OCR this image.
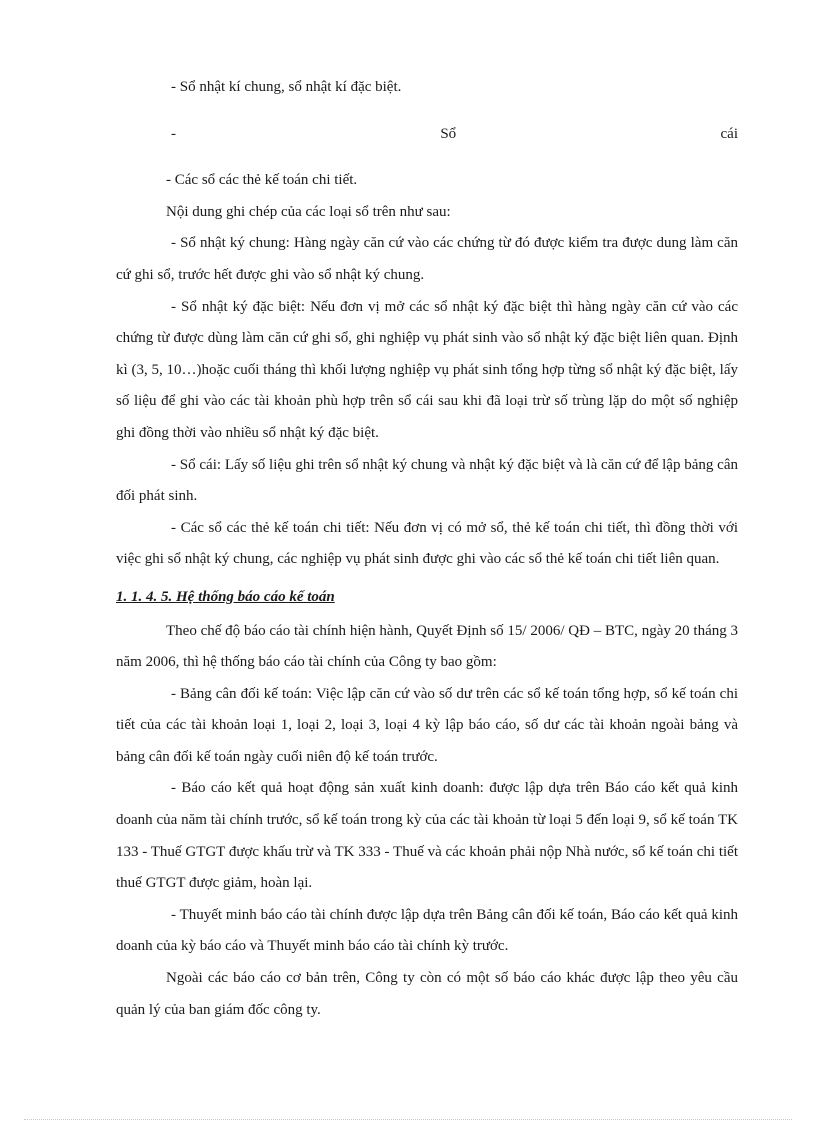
- Sổ nhật kí chung, sổ nhật kí đặc biệt.

-	Sổ	cái

- Các sổ các thẻ kế toán chi tiết.

Nội dung ghi chép của các loại sổ trên như sau:

- Sổ nhật ký chung: Hàng ngày căn cứ vào các chứng từ đó được kiểm tra được dung làm căn cứ ghi sổ, trước hết được ghi vào sổ nhật ký chung.

- Sổ nhật ký đặc biệt: Nếu đơn vị mở các sổ nhật ký đặc biệt thì hàng ngày căn cứ vào các chứng từ được dùng làm căn cứ ghi sổ, ghi nghiệp vụ phát sinh vào sổ nhật ký đặc biệt liên quan. Định kì (3, 5, 10…)hoặc cuối tháng thì khối lượng nghiệp vụ phát sinh tổng hợp từng sổ nhật ký đặc biệt, lấy số liệu để ghi vào các tài khoản phù hợp trên sổ cái sau khi đã loại trừ số trùng lặp do một số nghiệp ghi đồng thời vào nhiều sổ nhật ký đặc biệt.

- Sổ cái: Lấy số liệu ghi trên sổ nhật ký chung và nhật ký đặc biệt và là căn cứ để lập bảng cân đối phát sinh.

- Các sổ các thẻ kế toán chi tiết: Nếu đơn vị có mở sổ, thẻ kế toán chi tiết, thì đồng thời với việc ghi sổ nhật ký chung, các nghiệp vụ phát sinh được ghi vào các sổ thẻ kế toán chi tiết liên quan.

1. 1. 4. 5. Hệ thống báo cáo kế toán

Theo chế độ báo cáo tài chính hiện hành, Quyết Định số 15/ 2006/ QĐ – BTC, ngày 20 tháng 3 năm 2006, thì hệ thống báo cáo tài chính của Công ty bao gồm:

- Bảng cân đối kế toán: Việc lập căn cứ vào số dư trên các sổ kế toán tổng hợp, sổ kế toán chi tiết của các tài khoản loại 1, loại 2, loại 3, loại 4 kỳ lập báo cáo, số dư các tài khoản ngoài bảng và bảng cân đối kế toán ngày cuối niên độ kế toán trước.

- Báo cáo kết quả hoạt động sản xuất kinh doanh: được lập dựa trên Báo cáo kết quả kinh doanh của năm tài chính trước, sổ kế toán trong kỳ của các tài khoản từ loại 5 đến loại 9, sổ kế toán TK 133 - Thuế GTGT được khấu trừ và TK 333 - Thuế và các khoản phải nộp Nhà nước, sổ kế toán chi tiết thuế GTGT được giảm, hoàn lại.

- Thuyết minh báo cáo tài chính được lập dựa trên Bảng cân đối kế toán, Báo cáo kết quả kinh doanh của kỳ báo cáo và Thuyết minh báo cáo tài chính kỳ trước.

Ngoài các báo cáo cơ bản trên, Công ty còn có một số báo cáo khác được lập theo yêu cầu quản lý của ban giám đốc công ty.
